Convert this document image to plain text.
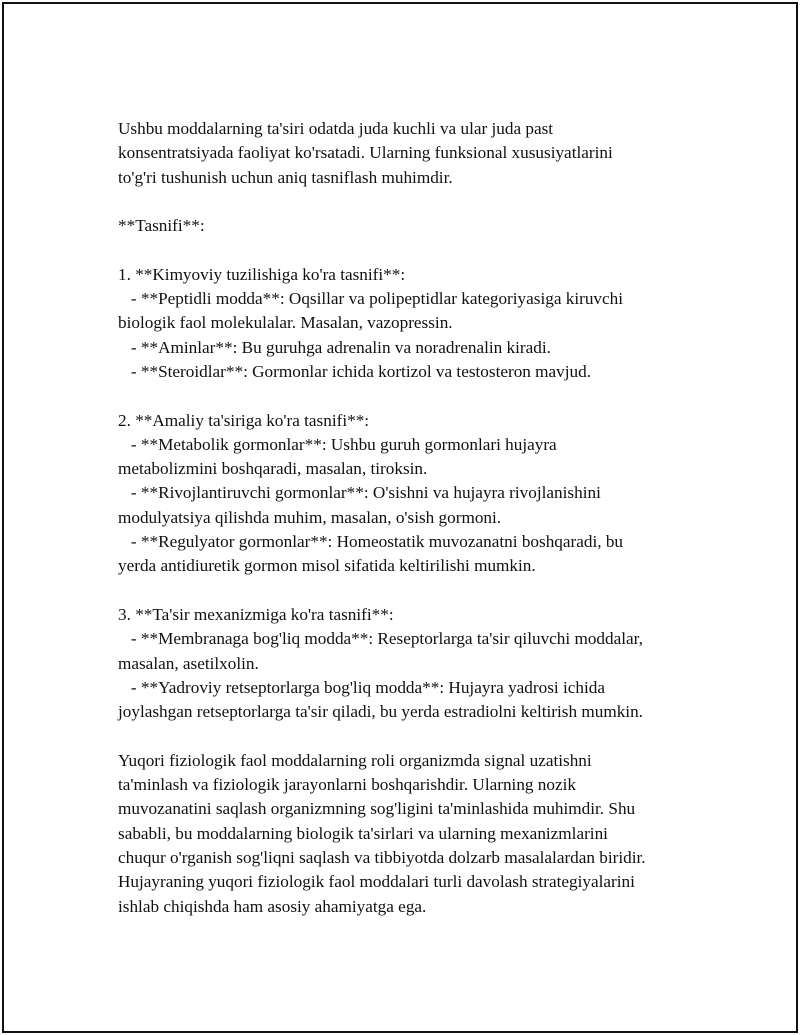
Ushbu moddalarning ta'siri odatda juda kuchli va ular juda past

konsentratsiyada faoliyat ko'rsatadi. Ularning funksional xususiyatlarini

to'g'ri tushunish uchun aniq tasniflash muhimdir.

**Tasnifi**:

1. **Kimyoviy tuzilishiga ko'ra tasnifi**:

- **Peptidli modda**: Oqsillar va polipeptidlar kategoriyasiga kiruvchi

biologik faol molekulalar. Masalan, vazopressin.

- **Aminlar**: Bu guruhga adrenalin va noradrenalin kiradi.

- **Steroidlar**: Gormonlar ichida kortizol va testosteron mavjud.

2. **Amaliy ta'siriga ko'ra tasnifi**:

- **Metabolik gormonlar**: Ushbu guruh gormonlari hujayra

metabolizmini boshqaradi, masalan, tiroksin.

- **Rivojlantiruvchi gormonlar**: O'sishni va hujayra rivojlanishini

modulyatsiya qilishda muhim, masalan, o'sish gormoni.

- **Regulyator gormonlar**: Homeostatik muvozanatni boshqaradi, bu

yerda antidiuretik gormon misol sifatida keltirilishi mumkin.

3. **Ta'sir mexanizmiga ko'ra tasnifi**:

- **Membranaga bog'liq modda**: Reseptorlarga ta'sir qiluvchi moddalar,

masalan, asetilxolin.

- **Yadroviy retseptorlarga bog'liq modda**: Hujayra yadrosi ichida

joylashgan retseptorlarga ta'sir qiladi, bu yerda estradiolni keltirish mumkin.

Yuqori fiziologik faol moddalarning roli organizmda signal uzatishni

ta'minlash va fiziologik jarayonlarni boshqarishdir. Ularning nozik

muvozanatini saqlash organizmning sog'ligini ta'minlashida muhimdir. Shu

sababli, bu moddalarning biologik ta'sirlari va ularning mexanizmlarini

chuqur o'rganish sog'liqni saqlash va tibbiyotda dolzarb masalalardan biridir.

Hujayraning yuqori fiziologik faol moddalari turli davolash strategiyalarini

ishlab chiqishda ham asosiy ahamiyatga ega.
